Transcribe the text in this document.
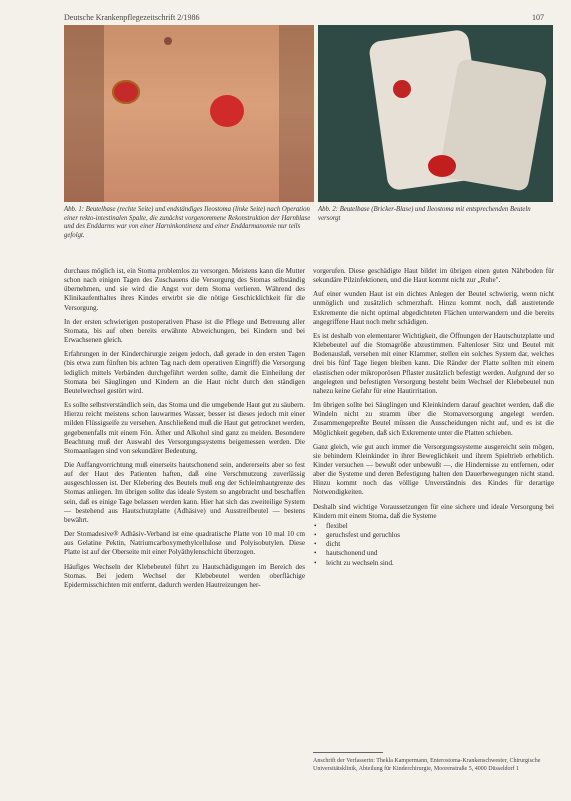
Deutsche Krankenpflegezeitschrift 2/1986	107
Abb. 1: Beutelbase (rechte Seite) und endständiges Ileostoma (linke Seite) nach Operation einer rekto-intestinalen Spalte, die zunächst vorgenommene Rekonstruktion der Harnblase und des Enddarms war von einer Harninkontinenz und einer Enddarmanomie nur teils gefolgt.
Abb. 2: Beutelbase (Bricker-Blase) und Ileostoma mit entsprechenden Beuteln versorgt

durchaus möglich ist, ein Stoma problemlos zu versorgen. Meistens kann die Mutter schon nach einigen Tagen des Zuschauens die Versorgung des Stomas selbständig übernehmen, und sie wird die Angst vor dem Stoma verlieren. Während des Klinikaufenthaltes ihres Kindes erwirbt sie die nötige Geschicklichkeit für die Versorgung.

In der ersten schwierigen postoperativen Phase ist die Pflege und Betreuung aller Stomata, bis auf oben bereits erwähnte Abweichungen, bei Kindern und bei Erwachsenen gleich.

Erfahrungen in der Kinderchirurgie zeigen jedoch, daß gerade in den ersten Tagen (bis etwa zum fünften bis achten Tag nach dem operativen Eingriff) die Versorgung lediglich mittels Verbänden durchgeführt werden sollte, damit die Einheilung der Stomata bei Säuglingen und Kindern an die Haut nicht durch den ständigen Beutelwechsel gestört wird.

Es sollte selbstverständlich sein, das Stoma und die umgebende Haut gut zu säubern. Hierzu reicht meistens schon lauwarmes Wasser, besser ist dieses jedoch mit einer milden Flüssigseife zu versehen. Anschließend muß die Haut gut getrocknet werden, gegebenenfalls mit einem Fön. Äther und Alkohol sind ganz zu meiden. Besondere Beachtung muß der Auswahl des Versorgungssystems beigemessen werden. Die Stomaanlagen sind von sekundärer Bedeutung.

Die Auffangvorrichtung muß einerseits hautschonend sein, andererseits aber so fest auf der Haut des Patienten haften, daß eine Verschmutzung zuverlässig ausgeschlossen ist. Der Klebering des Beutels muß eng der Schleimhautgrenze des Stomas anliegen. Im übrigen sollte das ideale System so angebracht und beschaffen sein, daß es einige Tage belassen werden kann. Hier hat sich das zweiteilige System — bestehend aus Hautschutzplatte (Adhäsive) und Ausstreifbeutel — bestens bewährt.

Der Stomadesive® Adhäsiv-Verband ist eine quadratische Platte von 10 mal 10 cm aus Gelatine Pektin, Natriumcarboxymethylcellulose und Polyisobutylen. Diese Platte ist auf der Oberseite mit einer Polyäthylenschicht überzogen.

Häufiges Wechseln der Klebebeutel führt zu Hautschädigungen im Bereich des Stomas. Bei jedem Wechsel der Klebebeutel werden oberflächige Epidermisschichten mit entfernt, dadurch werden Hautreizungen her-

vorgerufen. Diese geschädigte Haut bildet im übrigen einen guten Nährboden für sekundäre Pilzinfektionen, und die Haut kommt nicht zur „Ruhe".

Auf einer wunden Haut ist ein dichtes Anlegen der Beutel schwierig, wenn nicht unmöglich und zusätzlich schmerzhaft. Hinzu kommt noch, daß austretende Exkremente die nicht optimal abgedichteten Flächen unterwandern und die bereits angegriffene Haut noch mehr schädigen.

Es ist deshalb von elementarer Wichtigkeit, die Öffnungen der Hautschutzplatte und Klebebeutel auf die Stomagröße abzustimmen. Faltenloser Sitz und Beutel mit Bodenauslaß, versehen mit einer Klammer, stellen ein solches System dar, welches drei bis fünf Tage liegen bleiben kann. Die Ränder der Platte sollten mit einem elastischen oder mikroporösen Pflaster zusätzlich befestigt werden. Aufgrund der so angelegten und befestigten Versorgung besteht beim Wechsel der Klebebeutel nun nahezu keine Gefahr für eine Hautirritation.

Im übrigen sollte bei Säuglingen und Kleinkindern darauf geachtet werden, daß die Windeln nicht zu stramm über die Stomaversorgung angelegt werden. Zusammengepreßte Beutel müssen die Ausscheidungen nicht auf, und es ist die Möglichkeit gegeben, daß sich Exkremente unter die Platten schieben.

Ganz gleich, wie gut auch immer die Versorgungssysteme ausgereicht sein mögen, sie behindern Kleinkinder in ihrer Beweglichkeit und ihrem Spieltrieb erheblich. Kinder versuchen — bewußt oder unbewußt —, die Hindernisse zu entfernen, oder aber die Systeme und deren Befestigung halten den Dauerbewegungen nicht stand. Hinzu kommt noch das völlige Unverständnis des Kindes für derartige Notwendigkeiten.

Deshalb sind wichtige Voraussetzungen für eine sichere und ideale Versorgung bei Kindern mit einem Stoma, daß die Systeme

• flexibel
• geruchsfest und geruchlos
• dicht
• hautschonend und
• leicht zu wechseln sind.
Anschrift der Verfasserin: Thekla Kampermann, Enterostoma-Krankenschwester, Chirurgische Universitätsklinik, Abteilung für Kinderchirurgie, Moorenstraße 5, 4000 Düsseldorf 1
